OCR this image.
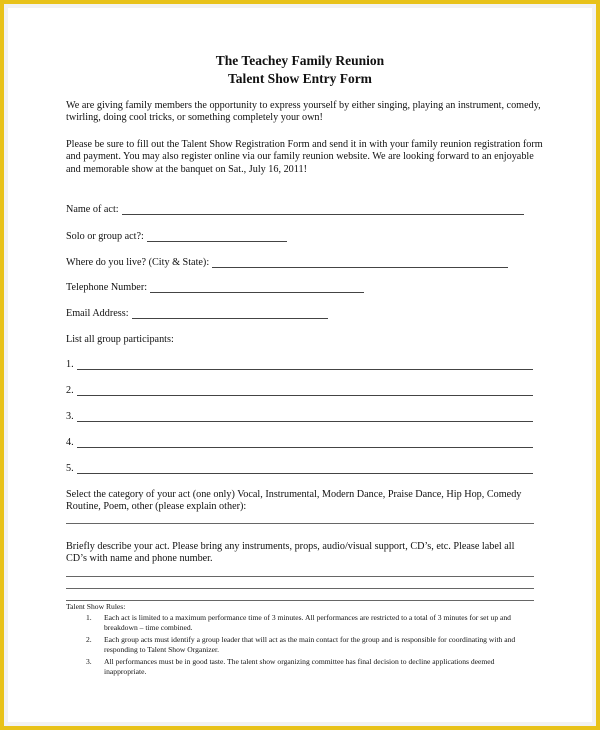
The Teachey Family Reunion
Talent Show Entry Form
We are giving family members the opportunity to express yourself by either singing, playing an instrument, comedy, twirling, doing cool tricks, or something completely your own!
Please be sure to fill out the Talent Show Registration Form and send it in with your family reunion registration form and payment. You may also register online via our family reunion website. We are looking forward to an enjoyable and memorable show at the banquet on Sat., July 16, 2011!
Name of act:
Solo or group act?:
Where do you live? (City & State):
Telephone Number:
Email Address:
List all group participants:
1.
2.
3.
4.
5.
Select the category of your act (one only) Vocal, Instrumental, Modern Dance, Praise Dance, Hip Hop, Comedy Routine, Poem, other (please explain other):
Briefly describe your act. Please bring any instruments, props, audio/visual support, CD’s, etc. Please label all CD’s with name and phone number.
Talent Show Rules:
1.	Each act is limited to a maximum performance time of 3 minutes. All performances are restricted to a total of 3 minutes for set up and breakdown – time combined.
2.	Each group acts must identify a group leader that will act as the main contact for the group and is responsible for coordinating with and responding to Talent Show Organizer.
3.	All performances must be in good taste. The talent show organizing committee has final decision to decline applications deemed inappropriate.
